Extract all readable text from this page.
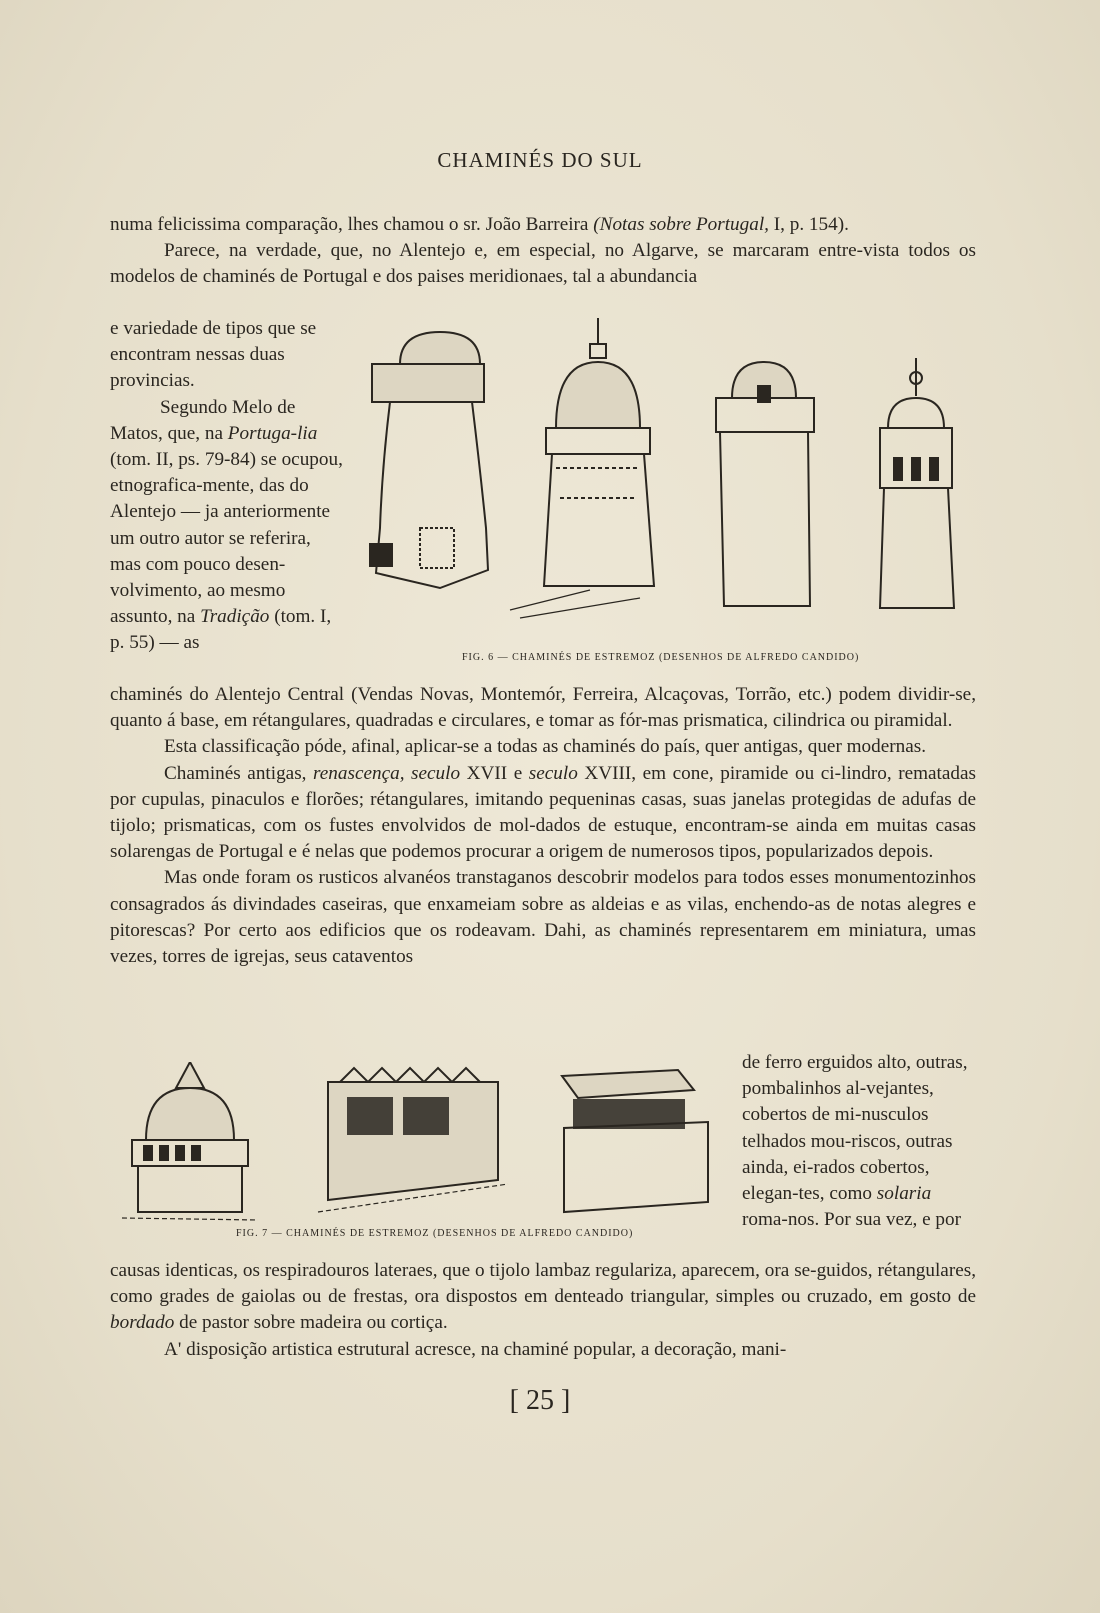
CHAMINÉS DO SUL

numa felicissima comparação, lhes chamou o sr. João Barreira (Notas sobre Portugal, I, p. 154).

Parece, na verdade, que, no Alentejo e, em especial, no Algarve, se marcaram entre-vista todos os modelos de chaminés de Portugal e dos paises meridionaes, tal a abundancia

e variedade de tipos que se encontram nessas duas provincias.

Segundo Melo de Matos, que, na Portuga-lia (tom. II, ps. 79-84) se ocupou, etnografica-mente, das do Alentejo — ja anteriormente um outro autor se referira, mas com pouco desen-volvimento, ao mesmo assunto, na Tradição (tom. I, p. 55) — as

FIG. 6 — CHAMINÉS DE ESTREMOZ (DESENHOS DE ALFREDO CANDIDO)

chaminés do Alentejo Central (Vendas Novas, Montemór, Ferreira, Alcaçovas, Torrão, etc.) podem dividir-se, quanto á base, em rétangulares, quadradas e circulares, e tomar as fór-mas prismatica, cilindrica ou piramidal.

Esta classificação póde, afinal, aplicar-se a todas as chaminés do país, quer antigas, quer modernas.

Chaminés antigas, renascença, seculo XVII e seculo XVIII, em cone, piramide ou ci-lindro, rematadas por cupulas, pinaculos e florões; rétangulares, imitando pequeninas casas, suas janelas protegidas de adufas de tijolo; prismaticas, com os fustes envolvidos de mol-dados de estuque, encontram-se ainda em muitas casas solarengas de Portugal e é nelas que podemos procurar a origem de numerosos tipos, popularizados depois.

Mas onde foram os rusticos alvanéos transtaganos descobrir modelos para todos esses monumentozinhos consagrados ás divindades caseiras, que enxameiam sobre as aldeias e as vilas, enchendo-as de notas alegres e pitorescas? Por certo aos edificios que os rodeavam. Dahi, as chaminés representarem em miniatura, umas vezes, torres de igrejas, seus cataventos

FIG. 7 — CHAMINÉS DE ESTREMOZ (DESENHOS DE ALFREDO CANDIDO)

de ferro erguidos alto, outras, pombalinhos al-vejantes, cobertos de mi-nusculos telhados mou-riscos, outras ainda, ei-rados cobertos, elegan-tes, como solaria roma-nos. Por sua vez, e por

causas identicas, os respiradouros lateraes, que o tijolo lambaz regulariza, aparecem, ora se-guidos, rétangulares, como grades de gaiolas ou de frestas, ora dispostos em denteado triangular, simples ou cruzado, em gosto de bordado de pastor sobre madeira ou cortiça.

A' disposição artistica estrutural acresce, na chaminé popular, a decoração, mani-

[ 25 ]
